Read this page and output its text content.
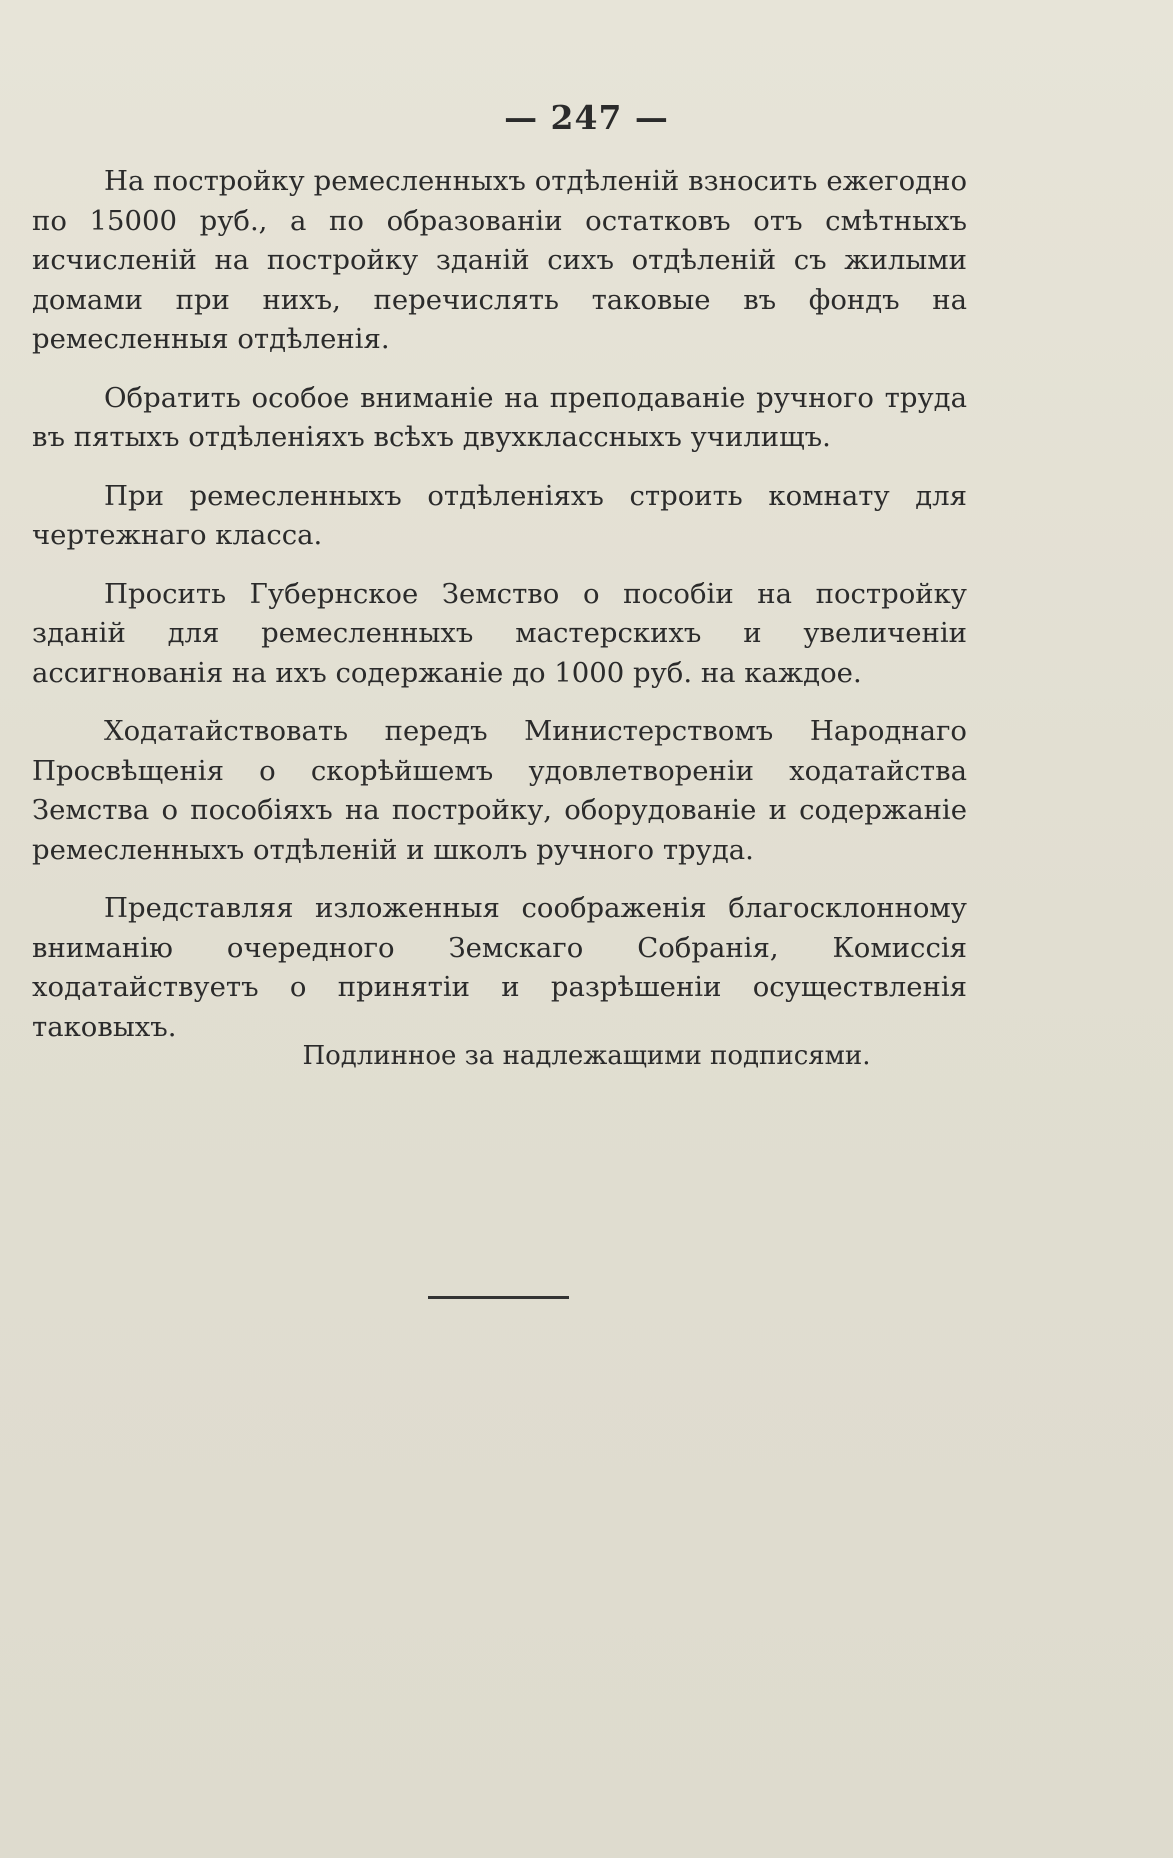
— 247 —

На постройку ремесленныхъ отдѣленій взносить ежегодно по 15000 руб., а по образованіи остатковъ отъ смѣтныхъ исчисленій на постройку зданій сихъ отдѣленій съ жилыми домами при нихъ, перечислять таковые въ фондъ на ремесленныя отдѣленія.

Обратить особое вниманіе на преподаваніе ручного труда въ пятыхъ отдѣленіяхъ всѣхъ двухклассныхъ училищъ.

При ремесленныхъ отдѣленіяхъ строить комнату для чертежнаго класса.

Просить Губернское Земство о пособіи на постройку зданій для ремесленныхъ мастерскихъ и увеличеніи ассигнованія на ихъ содержаніе до 1000 руб. на каждое.

Ходатайствовать передъ Министерствомъ Народнаго Просвѣщенія о скорѣйшемъ удовлетвореніи ходатайства Земства о пособіяхъ на постройку, оборудованіе и содержаніе ремесленныхъ отдѣленій и школъ ручного труда.

Представляя изложенныя соображенія благосклонному вниманію очередного Земскаго Собранія, Комиссія ходатайствуетъ о принятіи и разрѣшеніи осуществленія таковыхъ.

Подлинное за надлежащими подписями.
